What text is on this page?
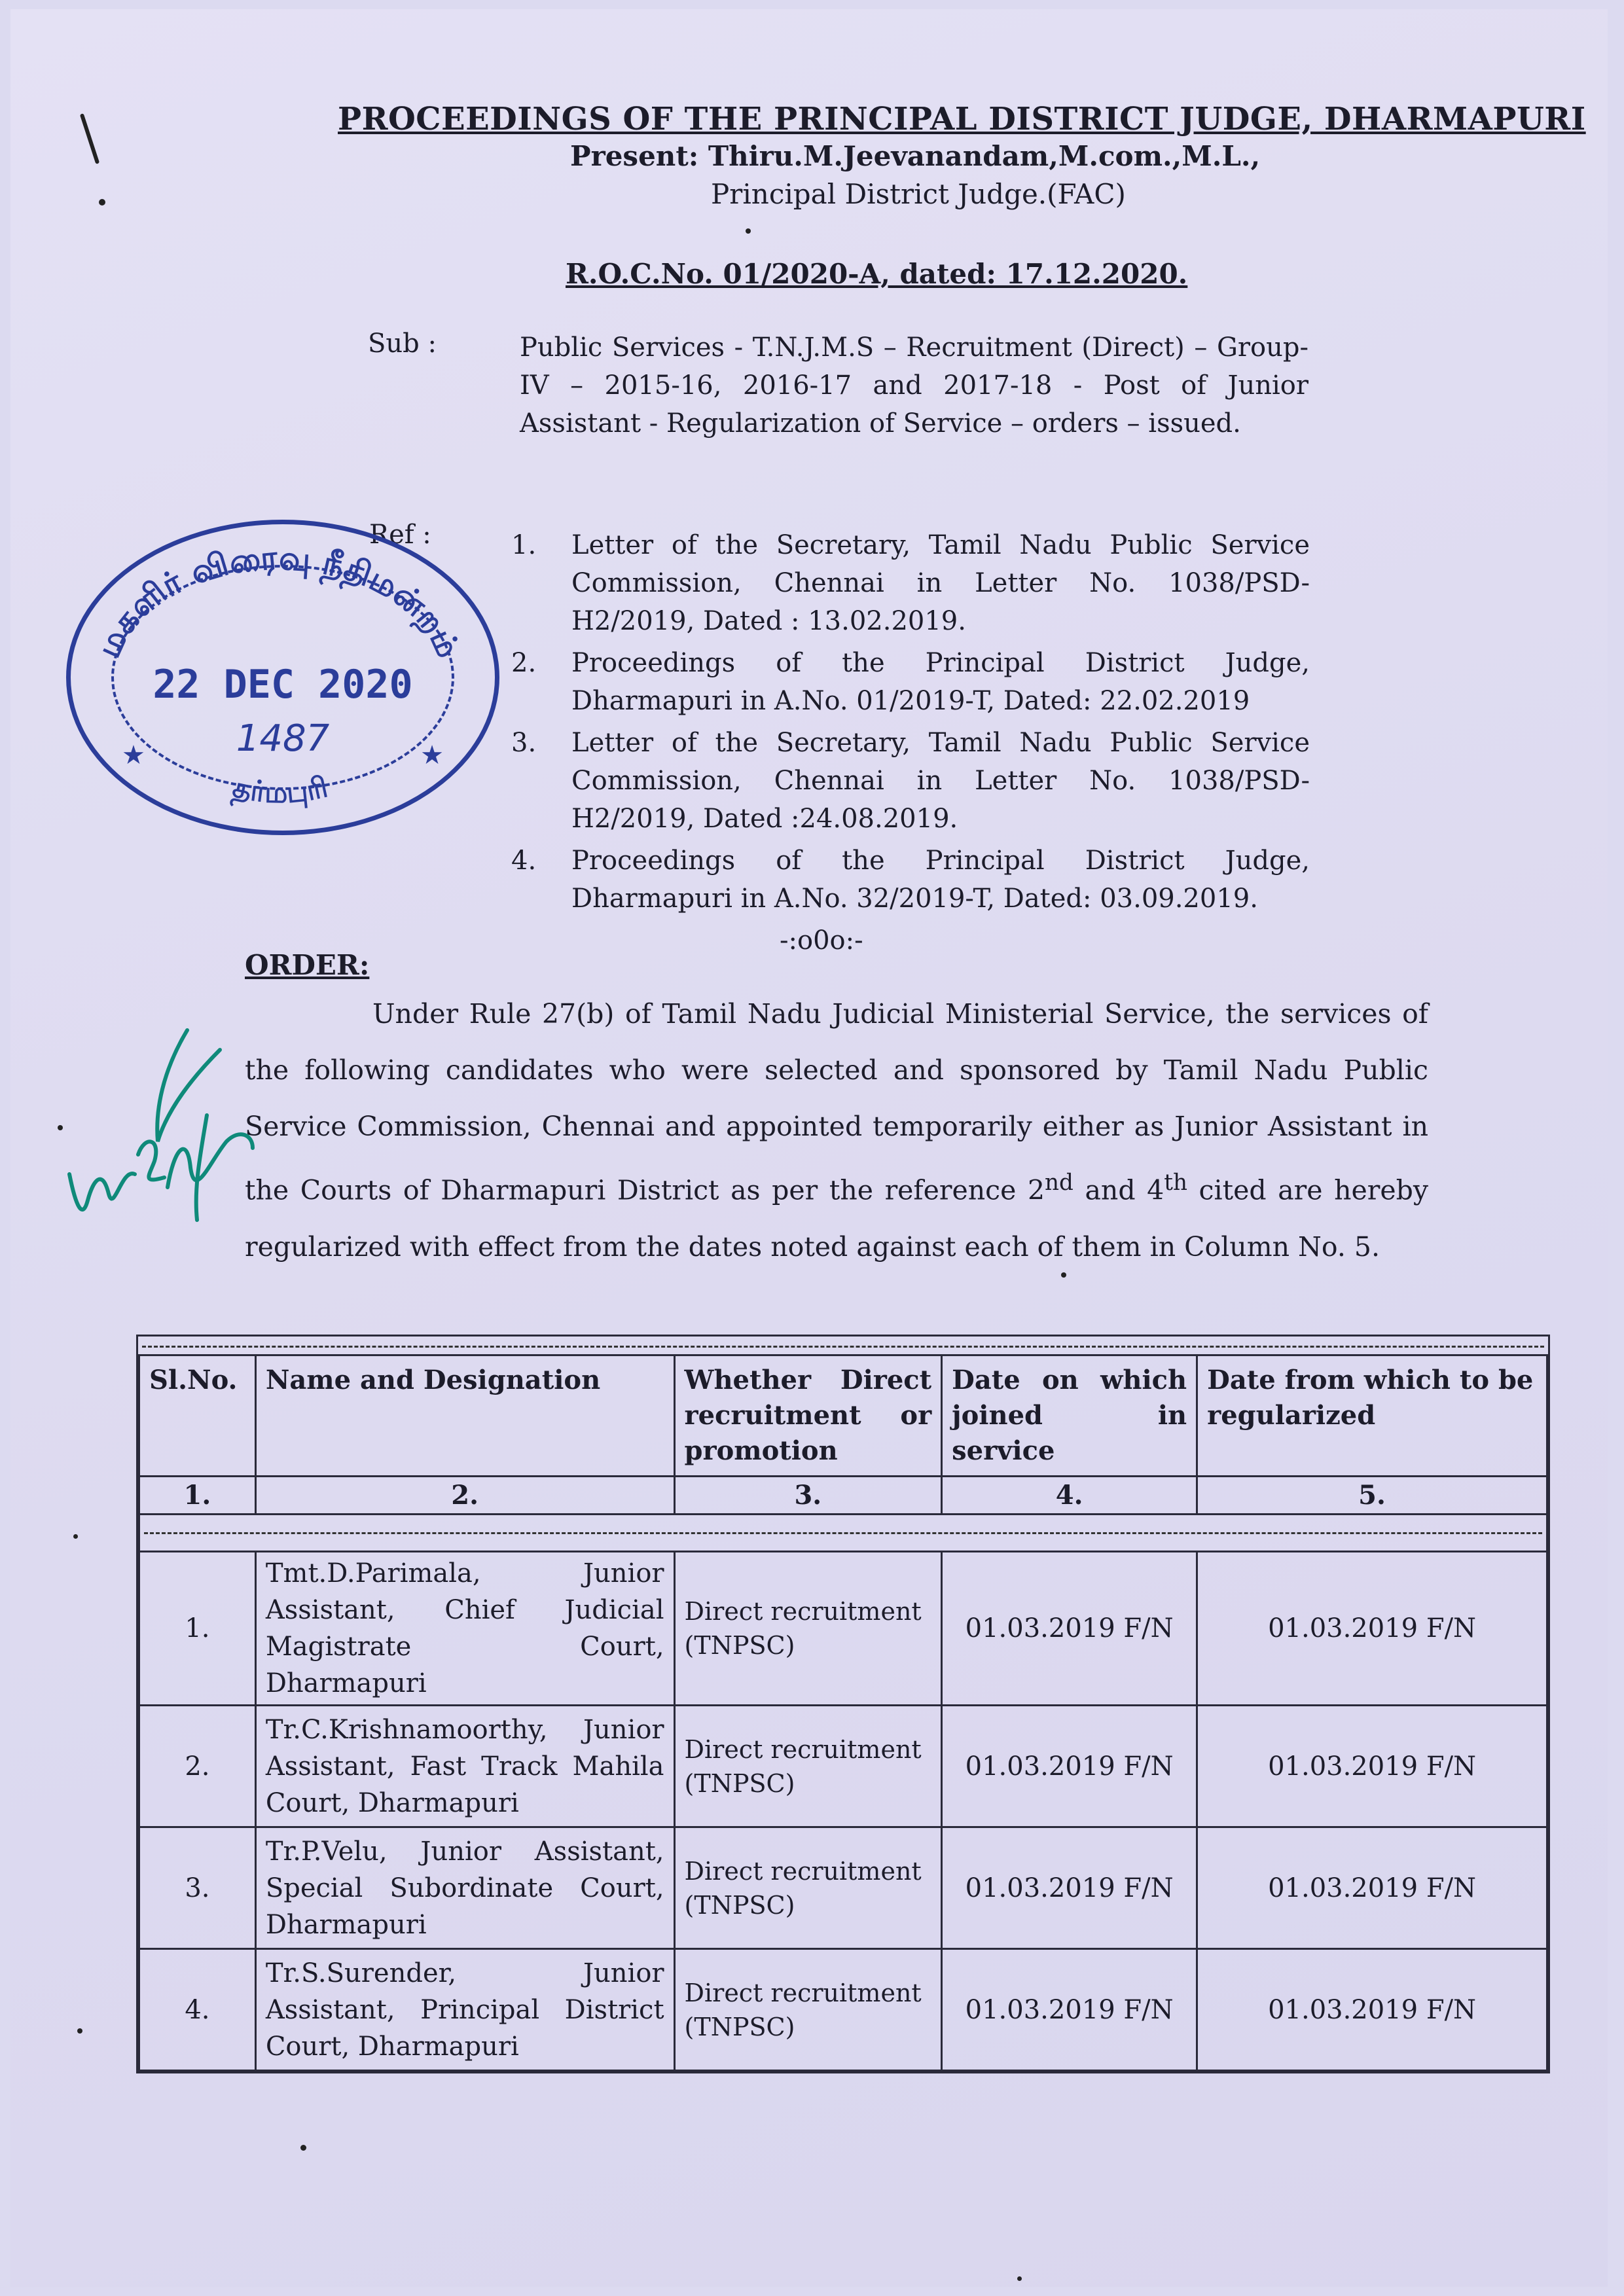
PROCEEDINGS OF THE PRINCIPAL DISTRICT JUDGE, DHARMAPURI
Present: Thiru.M.Jeevanandam,M.com.,M.L.,
Principal District Judge.(FAC)
R.O.C.No. 01/2020-A, dated: 17.12.2020.
Sub :	Public Services - T.N.J.M.S – Recruitment (Direct) – Group-IV – 2015-16, 2016-17 and 2017-18 - Post of Junior Assistant - Regularization of Service – orders – issued.
Ref :	1.	Letter of the Secretary, Tamil Nadu Public Service Commission, Chennai in Letter No. 1038/PSD-H2/2019, Dated : 13.02.2019.
2.	Proceedings of the Principal District Judge, Dharmapuri in A.No. 01/2019-T, Dated: 22.02.2019
3.	Letter of the Secretary, Tamil Nadu Public Service Commission, Chennai in Letter No. 1038/PSD-H2/2019, Dated :24.08.2019.
4.	Proceedings of the Principal District Judge, Dharmapuri in A.No. 32/2019-T, Dated: 03.09.2019.
-:o0o:-
ORDER:
Under Rule 27(b) of Tamil Nadu Judicial Ministerial Service, the services of the following candidates who were selected and sponsored by Tamil Nadu Public Service Commission, Chennai and appointed temporarily either as Junior Assistant in the Courts of Dharmapuri District as per the reference 2nd and 4th cited are hereby regularized with effect from the dates noted against each of them in Column No. 5.
Sl.No.	Name and Designation	Whether Direct recruitment or promotion	Date on which joined in service	Date from which to be regularized
1.	2.	3.	4.	5.

1.	Tmt.D.Parimala, Junior Assistant, Chief Judicial Magistrate Court, Dharmapuri	Direct recruitment (TNPSC)	01.03.2019 F/N	01.03.2019 F/N
2.	Tr.C.Krishnamoorthy, Junior Assistant, Fast Track Mahila Court, Dharmapuri	Direct recruitment (TNPSC)	01.03.2019 F/N	01.03.2019 F/N
3.	Tr.P.Velu, Junior Assistant, Special Subordinate Court, Dharmapuri	Direct recruitment (TNPSC)	01.03.2019 F/N	01.03.2019 F/N
4.	Tr.S.Surender, Junior Assistant, Principal District Court, Dharmapuri	Direct recruitment (TNPSC)	01.03.2019 F/N	01.03.2019 F/N
மகளிர் விரைவு நீதிமன்றம்
தர்மபுரி
22 DEC 2020
1487
★	★
